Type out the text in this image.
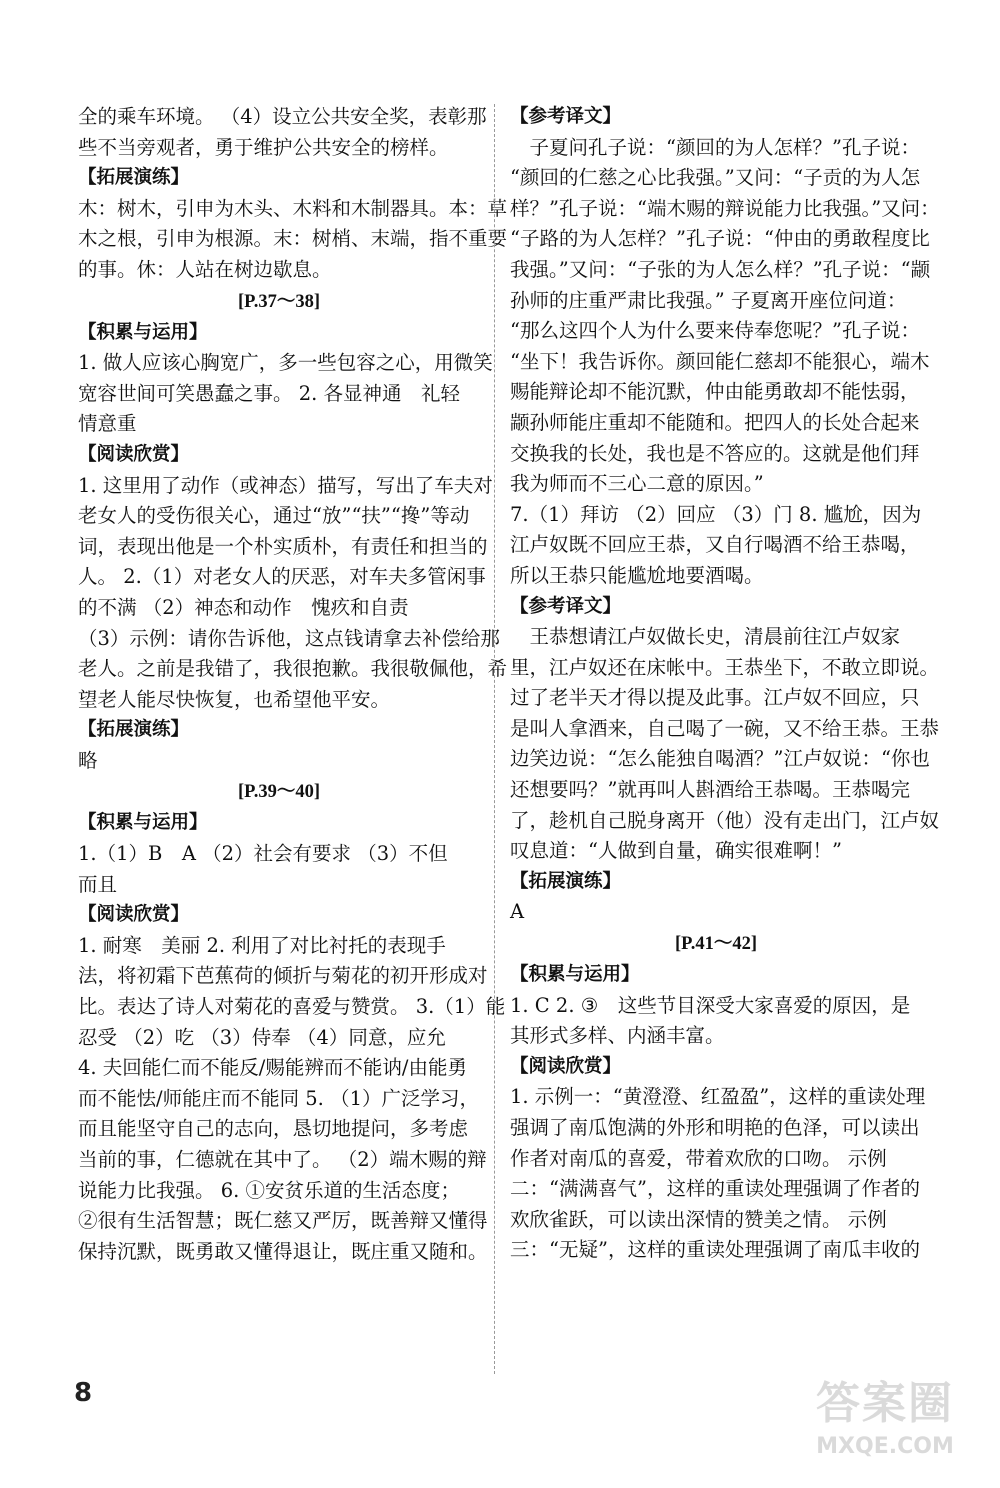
全的乘车环境。 （4）设立公共安全奖，表彰那
些不当旁观者，勇于维护公共安全的榜样。
【拓展演练】
木：树木，引申为木头、木料和木制器具。本：草
木之根，引申为根源。末：树梢、末端，指不重要
的事。休：人站在树边歇息。
[P.37～38]
【积累与运用】
1. 做人应该心胸宽广，多一些包容之心，用微笑
宽容世间可笑愚蠢之事。 2. 各显神通　礼轻
情意重
【阅读欣赏】
1. 这里用了动作（或神态）描写，写出了车夫对
老女人的受伤很关心，通过“放”“扶”“搀”等动
词，表现出他是一个朴实质朴，有责任和担当的
人。 2.（1）对老女人的厌恶，对车夫多管闲事
的不满 （2）神态和动作　愧疚和自责
（3）示例：请你告诉他，这点钱请拿去补偿给那
老人。之前是我错了，我很抱歉。我很敬佩他，希
望老人能尽快恢复，也希望他平安。
【拓展演练】
略
[P.39～40]
【积累与运用】
1.（1）B　A （2）社会有要求 （3）不但
而且
【阅读欣赏】
1. 耐寒　美丽 2. 利用了对比衬托的表现手
法，将初霜下芭蕉荷的倾折与菊花的初开形成对
比。表达了诗人对菊花的喜爱与赞赏。 3.（1）能
忍受 （2）吃 （3）侍奉 （4）同意，应允
4. 夫回能仁而不能反/赐能辨而不能讷/由能勇
而不能怯/师能庄而不能同 5. （1）广泛学习，
而且能坚守自己的志向，恳切地提问，多考虑
当前的事，仁德就在其中了。 （2）端木赐的辩
说能力比我强。 6. ①安贫乐道的生活态度；
②很有生活智慧；既仁慈又严厉，既善辩又懂得
保持沉默，既勇敢又懂得退让，既庄重又随和。
【参考译文】
　子夏问孔子说：“颜回的为人怎样？”孔子说：
“颜回的仁慈之心比我强。”又问：“子贡的为人怎
样？”孔子说：“端木赐的辩说能力比我强。”又问：
“子路的为人怎样？”孔子说：“仲由的勇敢程度比
我强。”又问：“子张的为人怎么样？”孔子说：“颛
孙师的庄重严肃比我强。” 子夏离开座位问道：
“那么这四个人为什么要来侍奉您呢？”孔子说：
“坐下！我告诉你。颜回能仁慈却不能狠心，端木
赐能辩论却不能沉默，仲由能勇敢却不能怯弱，
颛孙师能庄重却不能随和。把四人的长处合起来
交换我的长处，我也是不答应的。这就是他们拜
我为师而不三心二意的原因。”
7.（1）拜访 （2）回应 （3）门 8. 尴尬，因为
江卢奴既不回应王恭，又自行喝酒不给王恭喝，
所以王恭只能尴尬地要酒喝。
【参考译文】
　王恭想请江卢奴做长史，清晨前往江卢奴家
里，江卢奴还在床帐中。王恭坐下，不敢立即说。
过了老半天才得以提及此事。江卢奴不回应，只
是叫人拿酒来，自己喝了一碗，又不给王恭。王恭
边笑边说：“怎么能独自喝酒？”江卢奴说：“你也
还想要吗？”就再叫人斟酒给王恭喝。王恭喝完
了，趁机自己脱身离开（他）没有走出门，江卢奴
叹息道：“人做到自量，确实很难啊！”
【拓展演练】
A
[P.41～42]
【积累与运用】
1. C 2. ③　这些节目深受大家喜爱的原因，是
其形式多样、内涵丰富。
【阅读欣赏】
1. 示例一：“黄澄澄、红盈盈”，这样的重读处理
强调了南瓜饱满的外形和明艳的色泽，可以读出
作者对南瓜的喜爱，带着欢欣的口吻。 示例
二：“满满喜气”，这样的重读处理强调了作者的
欢欣雀跃，可以读出深情的赞美之情。 示例
三：“无疑”，这样的重读处理强调了南瓜丰收的
8	答案圈
MXQE.COM
